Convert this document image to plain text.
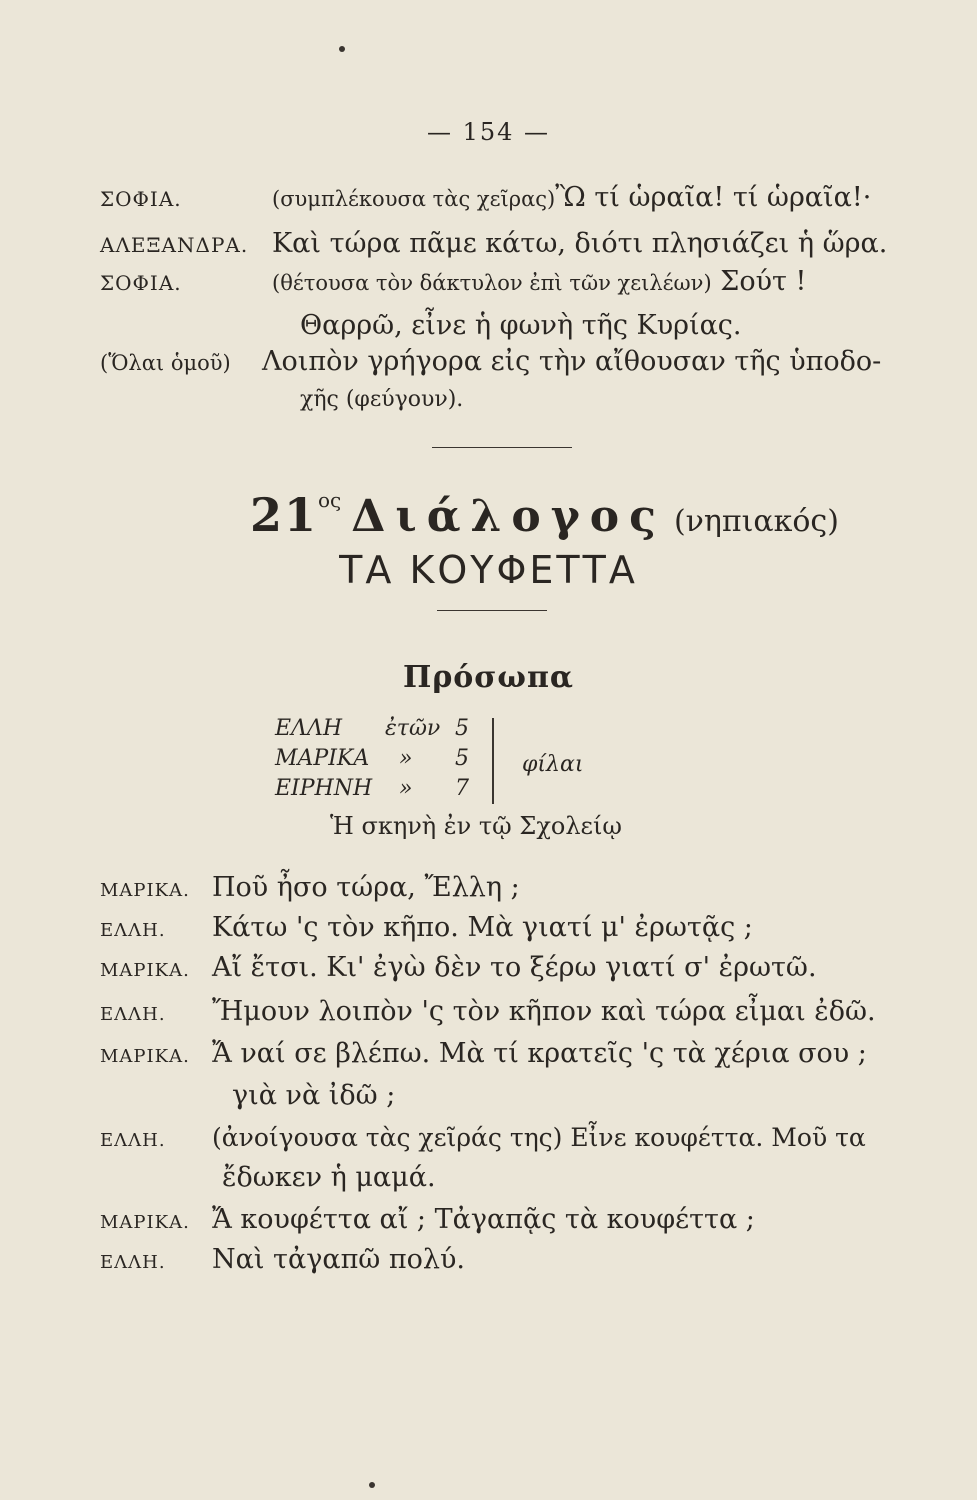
— 154 —
ΣΟΦΙΑ.	(συμπλέκουσα τὰς χεῖρας)Ὢ τί ὡραῖα! τί ὡραῖα!·
ΑΛΕΞΑΝΔΡΑ. Καὶ τώρα πᾶμε κάτω, διότι πλησιάζει ἡ ὥρα.
ΣΟΦΙΑ.	(θέτουσα τὸν δάκτυλον ἐπὶ τῶν χειλέων) Σούτ !
Θαρρῶ, εἶνε ἡ φωνὴ τῆς Κυρίας.
(Ὅλαι ὁμοῦ) Λοιπὸν γρήγορα εἰς τὴν αἴθουσαν τῆς ὑποδο-
χῆς (φεύγουν).
$21^{o\varsigma}$ Διάλογος (νηπιακός)
ΤΑ ΚΟΥΦΕΤΤΑ
Πρόσωπα
ΕΛΛΗ ἐτῶν 5
ΜΑΡΙΚΑ » 5
ΕΙΡΗΝΗ » 7
φίλαι
Ἡ σκηνὴ ἐν τῷ Σχολείῳ
ΜΑΡΙΚΑ. Ποῦ ἦσο τώρα, Ἔλλη ;
ΕΛΛΗ. Κάτω 'ς τὸν κῆπο. Μὰ γιατί μ' ἐρωτᾷς ;
ΜΑΡΙΚΑ. Αἴ ἔτσι. Κι' ἐγὼ δὲν το ξέρω γιατί σ' ἐρωτῶ.
ΕΛΛΗ. Ἤμουν λοιπὸν 'ς τὸν κῆπον καὶ τώρα εἶμαι ἐδῶ.
ΜΑΡΙΚΑ. Ἄ ναί σε βλέπω. Μὰ τί κρατεῖς 'ς τὰ χέρια σου ;
γιὰ νὰ ἰδῶ ;
ΕΛΛΗ. (ἀνοίγουσα τὰς χεῖράς της) Εἶνε κουφέττα. Μοῦ τα
ἔδωκεν ἡ μαμά.
ΜΑΡΙΚΑ. Ἄ κουφέττα αἴ ; Τἀγαπᾷς τὰ κουφέττα ;
ΕΛΛΗ. Ναὶ τἀγαπῶ πολύ.
